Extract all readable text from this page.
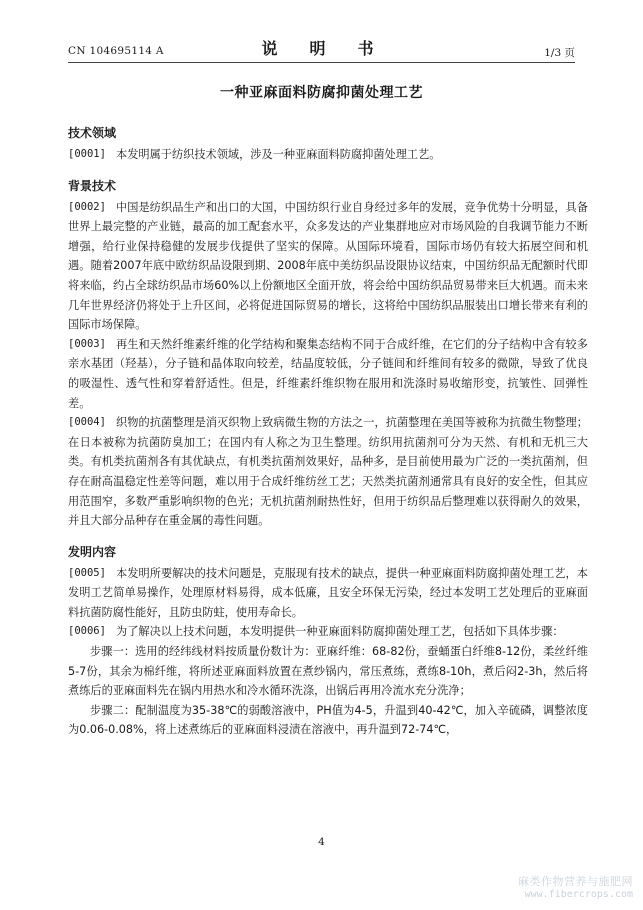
CN 104695114 A	说　明　书	1/3 页
一种亚麻面料防腐抑菌处理工艺
技术领域
[0001] 本发明属于纺织技术领域，涉及一种亚麻面料防腐抑菌处理工艺。
背景技术
[0002] 中国是纺织品生产和出口的大国，中国纺织行业自身经过多年的发展，竞争优势十分明显，具备世界上最完整的产业链，最高的加工配套水平，众多发达的产业集群地应对市场风险的自我调节能力不断增强，给行业保持稳健的发展步伐提供了坚实的保障。从国际环境看，国际市场仍有较大拓展空间和机遇。随着2007年底中欧纺织品设限到期、2008年底中美纺织品设限协议结束，中国纺织品无配额时代即将来临，约占全球纺织品市场60%以上份额地区全面开放，将会给中国纺织品贸易带来巨大机遇。而未来几年世界经济仍将处于上升区间，必将促进国际贸易的增长，这将给中国纺织品服装出口增长带来有利的国际市场保障。
[0003] 再生和天然纤维素纤维的化学结构和聚集态结构不同于合成纤维，在它们的分子结构中含有较多亲水基团（羟基），分子链和晶体取向较差，结晶度较低，分子链间和纤维间有较多的微隙，导致了优良的吸湿性、透气性和穿着舒适性。但是，纤维素纤维织物在服用和洗涤时易收缩形变，抗皱性、回弹性差。
[0004] 织物的抗菌整理是消灭织物上致病微生物的方法之一，抗菌整理在美国等被称为抗微生物整理；在日本被称为抗菌防臭加工；在国内有人称之为卫生整理。纺织用抗菌剂可分为天然、有机和无机三大类。有机类抗菌剂各有其优缺点，有机类抗菌剂效果好，品种多，是目前使用最为广泛的一类抗菌剂，但存在耐高温稳定性差等问题，难以用于合成纤维纺丝工艺；天然类抗菌剂通常具有良好的安全性，但其应用范围窄，多数严重影响织物的色光；无机抗菌剂耐热性好，但用于纺织品后整理难以获得耐久的效果，并且大部分品种存在重金属的毒性问题。
发明内容
[0005] 本发明所要解决的技术问题是，克服现有技术的缺点，提供一种亚麻面料防腐抑菌处理工艺，本发明工艺简单易操作，处理原材料易得，成本低廉，且安全环保无污染，经过本发明工艺处理后的亚麻面料抗菌防腐性能好，且防虫防蛀，使用寿命长。
[0006] 为了解决以上技术问题，本发明提供一种亚麻面料防腐抑菌处理工艺，包括如下具体步骤：
步骤一：选用的经纬线材料按质量份数计为：亚麻纤维：68-82份，蚕蛹蛋白纤维8-12份，柔丝纤维5-7份，其余为棉纤维，将所述亚麻面料放置在煮纱锅内，常压煮练，煮练8-10h，煮后闷2-3h，然后将煮练后的亚麻面料先在锅内用热水和冷水循环洗涤，出锅后再用冷流水充分洗净；
步骤二：配制温度为35-38℃的弱酸溶液中，PH值为4-5，升温到40-42℃，加入辛硫磷，调整浓度为0.06-0.08%，将上述煮练后的亚麻面料浸渍在溶液中，再升温到72-74℃，
4
麻类作物营养与施肥网
www.fibercrops.com
